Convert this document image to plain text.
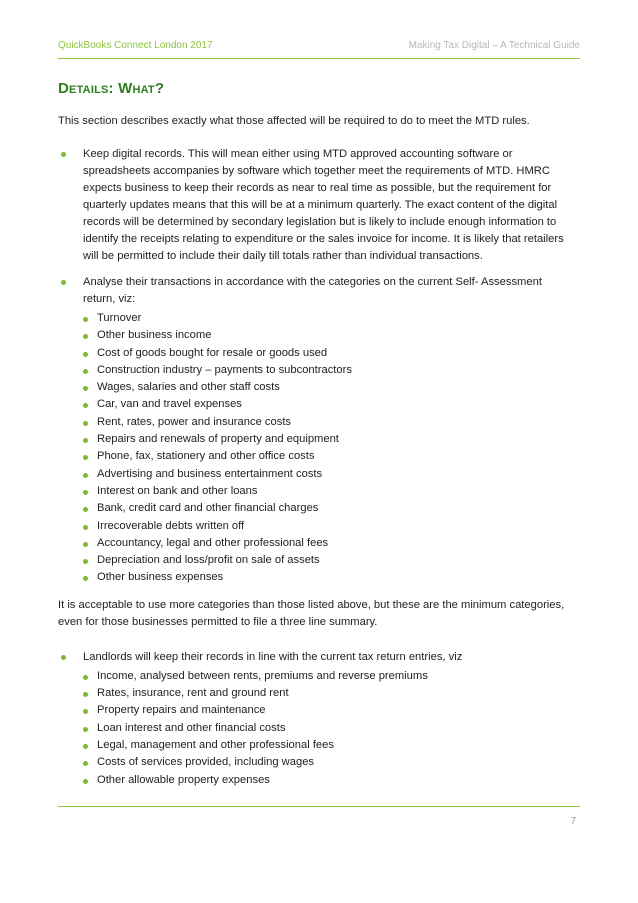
QuickBooks Connect London 2017	Making Tax Digital – A Technical Guide
Details: What?

This section describes exactly what those affected will be required to do to meet the MTD rules.

Keep digital records. This will mean either using MTD approved accounting software or spreadsheets accompanies by software which together meet the requirements of MTD. HMRC expects business to keep their records as near to real time as possible, but the requirement for quarterly updates means that this will be at a minimum quarterly. The exact content of the digital records will be determined by secondary legislation but is likely to include enough information to identify the receipts relating to expenditure or the sales invoice for income. It is likely that retailers will be permitted to include their daily till totals rather than individual transactions.
Analyse their transactions in accordance with the categories on the current Self- Assessment return, viz:
Turnover
Other business income
Cost of goods bought for resale or goods used
Construction industry – payments to subcontractors
Wages, salaries and other staff costs
Car, van and travel expenses
Rent, rates, power and insurance costs
Repairs and renewals of property and equipment
Phone, fax, stationery and other office costs
Advertising and business entertainment costs
Interest on bank and other loans
Bank, credit card and other financial charges
Irrecoverable debts written off
Accountancy, legal and other professional fees
Depreciation and loss/profit on sale of assets
Other business expenses

It is acceptable to use more categories than those listed above, but these are the minimum categories, even for those businesses permitted to file a three line summary.

Landlords will keep their records in line with the current tax return entries, viz
Income, analysed between rents, premiums and reverse premiums
Rates, insurance, rent and ground rent
Property repairs and maintenance
Loan interest and other financial costs
Legal, management and other professional fees
Costs of services provided, including wages
Other allowable property expenses
7
